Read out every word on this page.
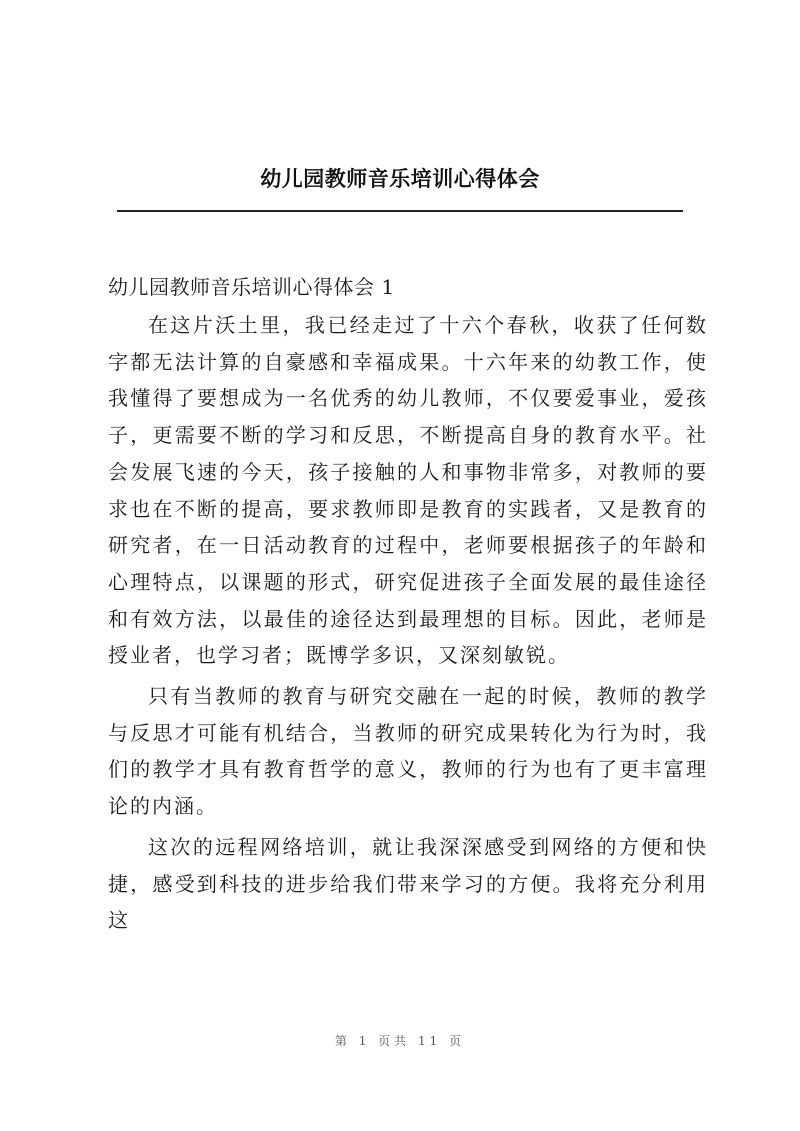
幼儿园教师音乐培训心得体会
幼儿园教师音乐培训心得体会 1

在这片沃土里，我已经走过了十六个春秋，收获了任何数字都无法计算的自豪感和幸福成果。十六年来的幼教工作，使我懂得了要想成为一名优秀的幼儿教师，不仅要爱事业，爱孩子，更需要不断的学习和反思，不断提高自身的教育水平。社会发展飞速的今天，孩子接触的人和事物非常多，对教师的要求也在不断的提高，要求教师即是教育的实践者，又是教育的研究者，在一日活动教育的过程中，老师要根据孩子的年龄和心理特点，以课题的形式，研究促进孩子全面发展的最佳途径和有效方法，以最佳的途径达到最理想的目标。因此，老师是授业者，也学习者；既博学多识，又深刻敏锐。

只有当教师的教育与研究交融在一起的时候，教师的教学与反思才可能有机结合，当教师的研究成果转化为行为时，我们的教学才具有教育哲学的意义，教师的行为也有了更丰富理论的内涵。

这次的远程网络培训，就让我深深感受到网络的方便和快捷，感受到科技的进步给我们带来学习的方便。我将充分利用这

第 1 页共 11 页
